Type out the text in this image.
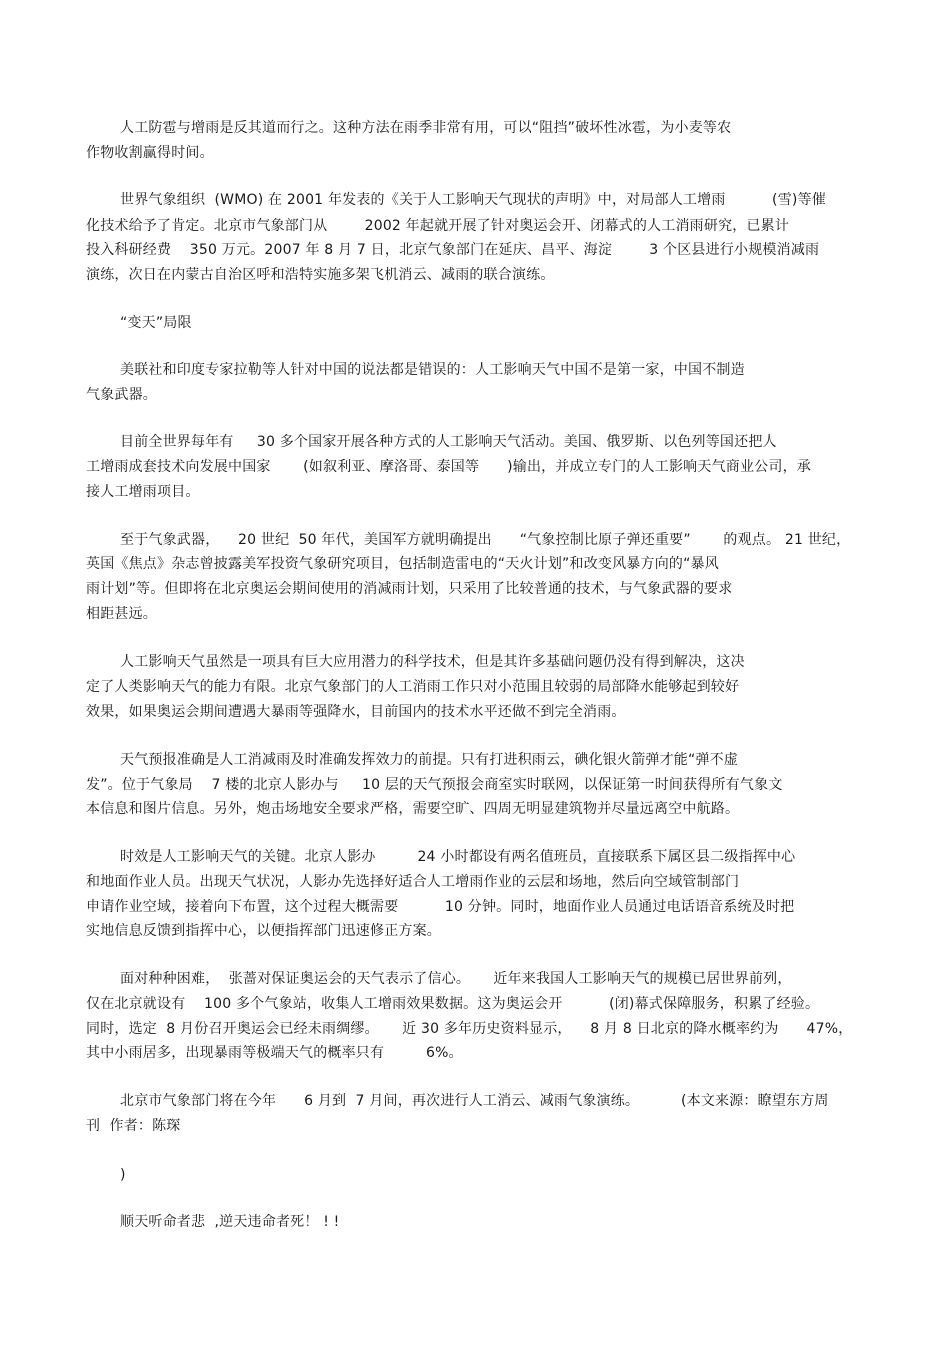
人工防雹与增雨是反其道而行之。这种方法在雨季非常有用，可以“阻挡”破坏性冰雹，为小麦等农
作物收割赢得时间。
世界气象组织  (WMO) 在 2001 年发表的《关于人工影响天气现状的声明》中，对局部人工增雨          (雪)等催
化技术给予了肯定。北京市气象部门从        2002 年起就开展了针对奥运会开、闭幕式的人工消雨研究，已累计
投入科研经费    350 万元。2007 年 8 月 7 日，北京气象部门在延庆、昌平、海淀        3 个区县进行小规模消减雨
演练，次日在内蒙古自治区呼和浩特实施多架飞机消云、减雨的联合演练。
“变天”局限
美联社和印度专家拉勒等人针对中国的说法都是错误的：人工影响天气中国不是第一家，中国不制造
气象武器。
目前全世界每年有     30 多个国家开展各种方式的人工影响天气活动。美国、俄罗斯、以色列等国还把人
工增雨成套技术向发展中国家       (如叙利亚、摩洛哥、泰国等      )输出，并成立专门的人工影响天气商业公司，承
接人工增雨项目。
至于气象武器，    20 世纪  50 年代，美国军方就明确提出      “气象控制比原子弹还重要”       的观点。 21 世纪，
英国《焦点》杂志曾披露美军投资气象研究项目，包括制造雷电的“天火计划”和改变风暴方向的“暴风
雨计划”等。但即将在北京奥运会期间使用的消减雨计划，只采用了比较普通的技术，与气象武器的要求
相距甚远。
人工影响天气虽然是一项具有巨大应用潜力的科学技术，但是其许多基础问题仍没有得到解决，这决
定了人类影响天气的能力有限。北京气象部门的人工消雨工作只对小范围且较弱的局部降水能够起到较好
效果，如果奥运会期间遭遇大暴雨等强降水，目前国内的技术水平还做不到完全消雨。
天气预报准确是人工消减雨及时准确发挥效力的前提。只有打进积雨云，碘化银火箭弹才能“弹不虚
发”。位于气象局    7 楼的北京人影办与     10 层的天气预报会商室实时联网，以保证第一时间获得所有气象文
本信息和图片信息。另外，炮击场地安全要求严格，需要空旷、四周无明显建筑物并尽量远离空中航路。
时效是人工影响天气的关键。北京人影办         24 小时都设有两名值班员，直接联系下属区县二级指挥中心
和地面作业人员。出现天气状况，人影办先选择好适合人工增雨作业的云层和场地，然后向空域管制部门
申请作业空域，接着向下布置，这个过程大概需要          10 分钟。同时，地面作业人员通过电话语音系统及时把
实地信息反馈到指挥中心，以便指挥部门迅速修正方案。
面对种种困难，  张蔷对保证奥运会的天气表示了信心。     近年来我国人工影响天气的规模已居世界前列，
仅在北京就设有    100 多个气象站，收集人工增雨效果数据。这为奥运会开          (闭)幕式保障服务，积累了经验。
同时，选定  8 月份召开奥运会已经未雨绸缪。     近 30 多年历史资料显示，    8 月 8 日北京的降水概率约为      47%，
其中小雨居多，出现暴雨等极端天气的概率只有         6%。
北京市气象部门将在今年      6 月到  7 月间，再次进行人工消云、减雨气象演练。         (本文来源：瞭望东方周
刊  作者：陈琛
)
顺天听命者悲  ,逆天违命者死！ ! !
